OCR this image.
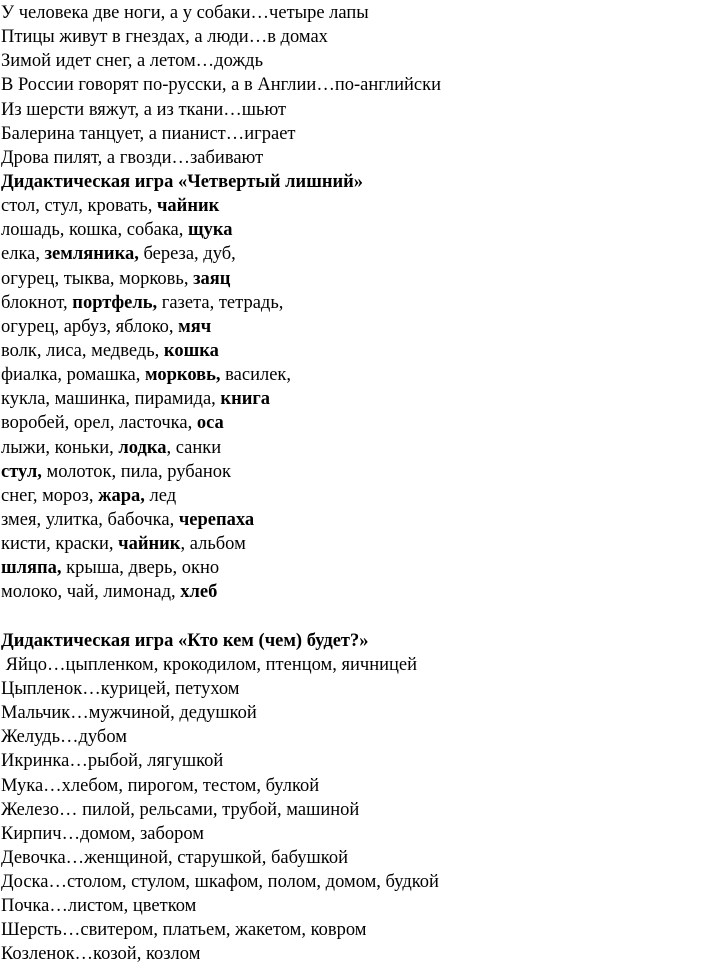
У человека две ноги, а у собаки…четыре лапы
Птицы живут в гнездах, а люди…в домах
Зимой идет снег, а летом…дождь
В России говорят по-русски, а в Англии…по-английски
Из шерсти вяжут, а из ткани…шьют
Балерина танцует, а пианист…играет
Дрова пилят, а гвозди…забивают
Дидактическая игра «Четвертый лишний»
стол, стул, кровать, чайник
лошадь, кошка, собака, щука
елка, земляника, береза, дуб,
огурец, тыква, морковь, заяц
блокнот, портфель, газета, тетрадь,
огурец, арбуз, яблоко, мяч
волк, лиса, медведь, кошка
фиалка, ромашка, морковь, василек,
кукла, машинка, пирамида, книга
воробей, орел, ласточка, оса
лыжи, коньки, лодка, санки
стул, молоток, пила, рубанок
снег, мороз, жара, лед
змея, улитка, бабочка, черепаха
кисти, краски, чайник, альбом
шляпа, крыша, дверь, окно
молоко, чай, лимонад, хлеб
Дидактическая игра «Кто кем (чем) будет?»
Яйцо…цыпленком, крокодилом, птенцом, яичницей
Цыпленок…курицей, петухом
Мальчик…мужчиной, дедушкой
Желудь…дубом
Икринка…рыбой, лягушкой
Мука…хлебом, пирогом, тестом, булкой
Железо… пилой, рельсами, трубой, машиной
Кирпич…домом, забором
Девочка…женщиной, старушкой, бабушкой
Доска…столом, стулом, шкафом, полом, домом, будкой
Почка…листом, цветком
Шерсть…свитером, платьем, жакетом, ковром
Козленок…козой, козлом
